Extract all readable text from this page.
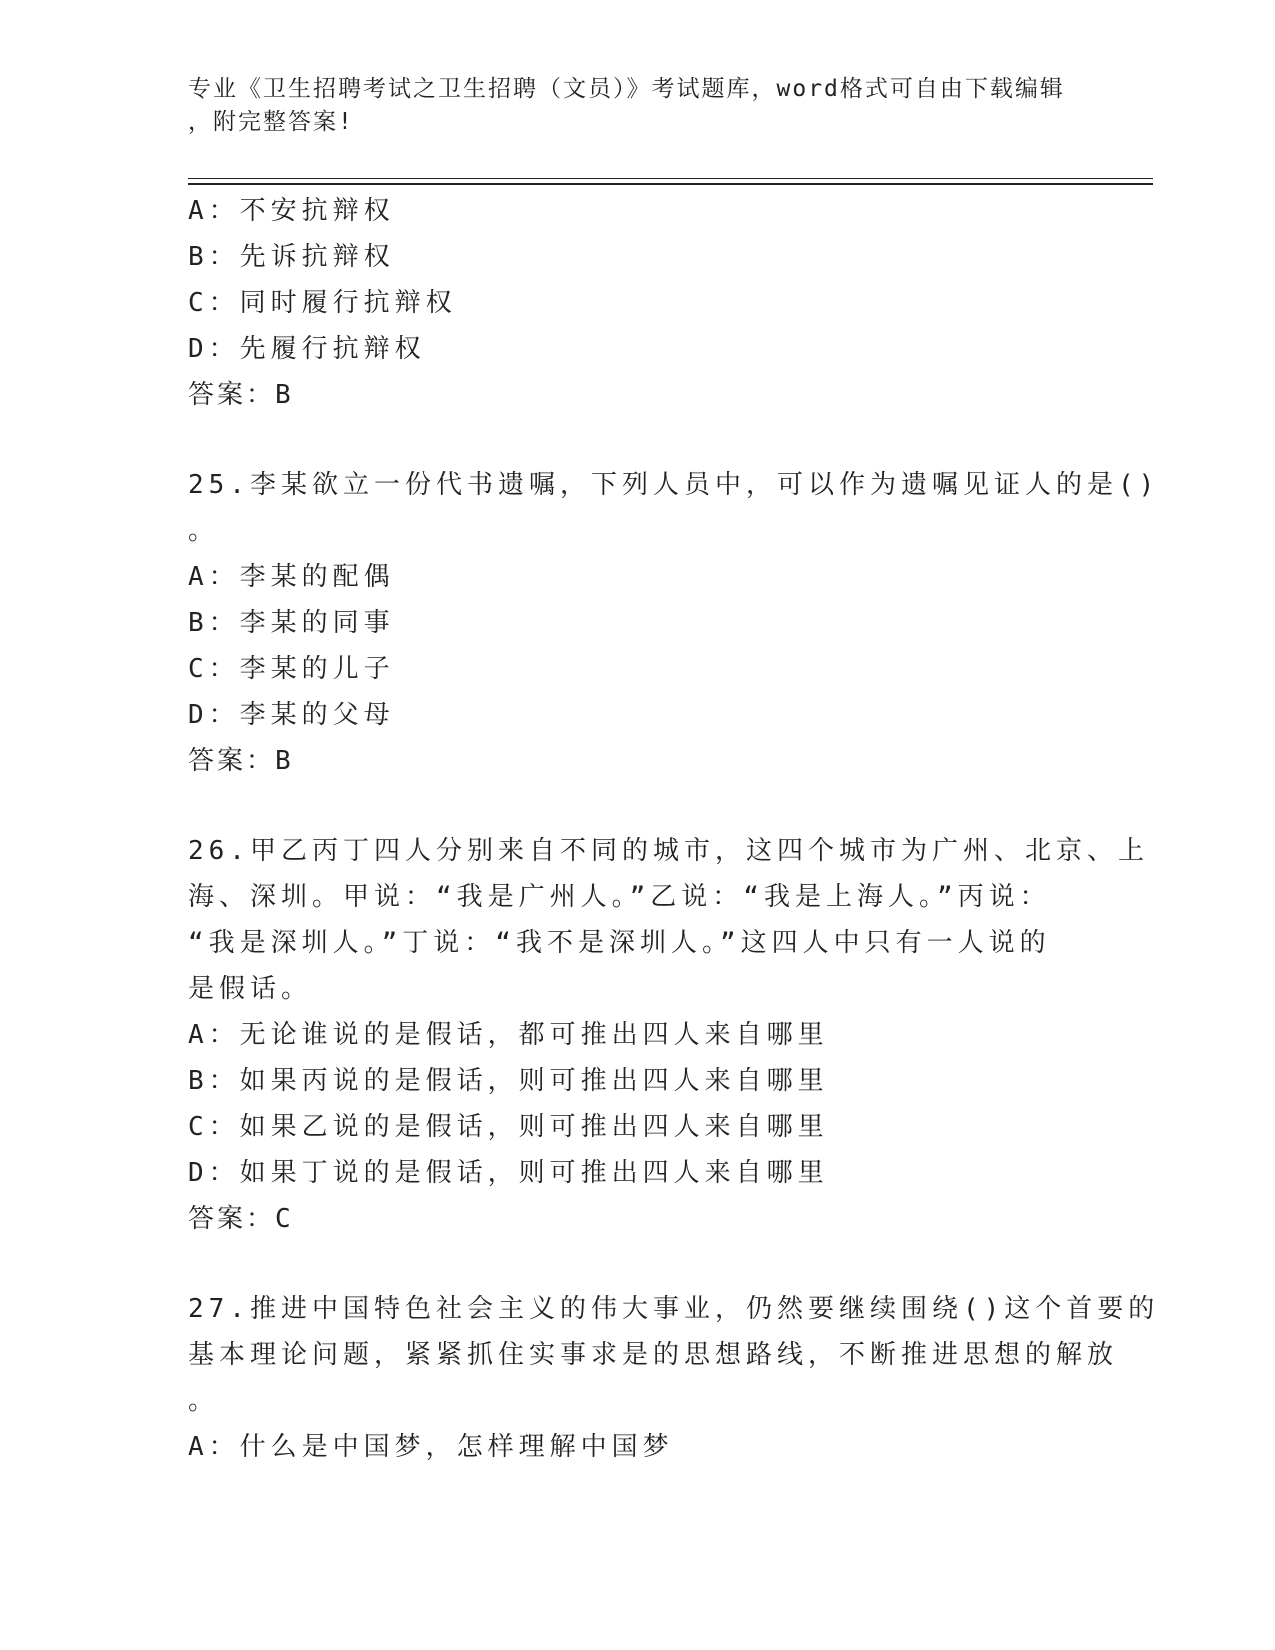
专业《卫生招聘考试之卫生招聘（文员）》考试题库，word格式可自由下载编辑
，附完整答案!
A：不安抗辩权
B：先诉抗辩权
C：同时履行抗辩权
D：先履行抗辩权
答案：B
25.李某欲立一份代书遗嘱，下列人员中，可以作为遗嘱见证人的是()
。
A：李某的配偶
B：李某的同事
C：李某的儿子
D：李某的父母
答案：B
26.甲乙丙丁四人分别来自不同的城市，这四个城市为广州、北京、上
海、深圳。甲说：“我是广州人。”乙说：“我是上海人。”丙说：
“我是深圳人。”丁说：“我不是深圳人。”这四人中只有一人说的
是假话。
A：无论谁说的是假话，都可推出四人来自哪里
B：如果丙说的是假话，则可推出四人来自哪里
C：如果乙说的是假话，则可推出四人来自哪里
D：如果丁说的是假话，则可推出四人来自哪里
答案：C
27.推进中国特色社会主义的伟大事业，仍然要继续围绕()这个首要的
基本理论问题，紧紧抓住实事求是的思想路线，不断推进思想的解放
。
A：什么是中国梦，怎样理解中国梦
